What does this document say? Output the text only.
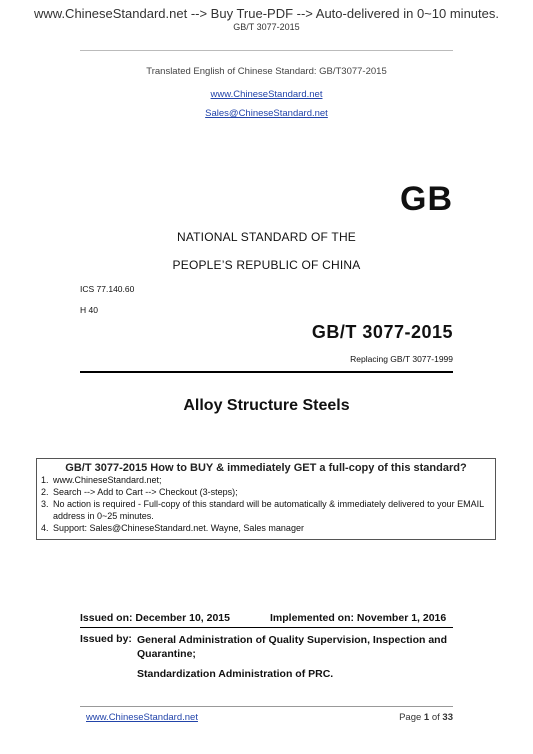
www.ChineseStandard.net --> Buy True-PDF --> Auto-delivered in 0~10 minutes.
GB/T 3077-2015
Translated English of Chinese Standard: GB/T3077-2015
www.ChineseStandard.net
Sales@ChineseStandard.net
GB
NATIONAL STANDARD OF THE
PEOPLE’S REPUBLIC OF CHINA
ICS 77.140.60
H 40
GB/T 3077-2015
Replacing GB/T 3077-1999
Alloy Structure Steels
GB/T 3077-2015 How to BUY & immediately GET a full-copy of this standard?
1. www.ChineseStandard.net;
2. Search --> Add to Cart --> Checkout (3-steps);
3. No action is required - Full-copy of this standard will be automatically & immediately delivered to your EMAIL address in 0~25 minutes.
4. Support: Sales@ChineseStandard.net. Wayne, Sales manager
Issued on: December 10, 2015	Implemented on: November 1, 2016
Issued by: General Administration of Quality Supervision, Inspection and Quarantine;
Standardization Administration of PRC.
www.ChineseStandard.net	Page 1 of 33
